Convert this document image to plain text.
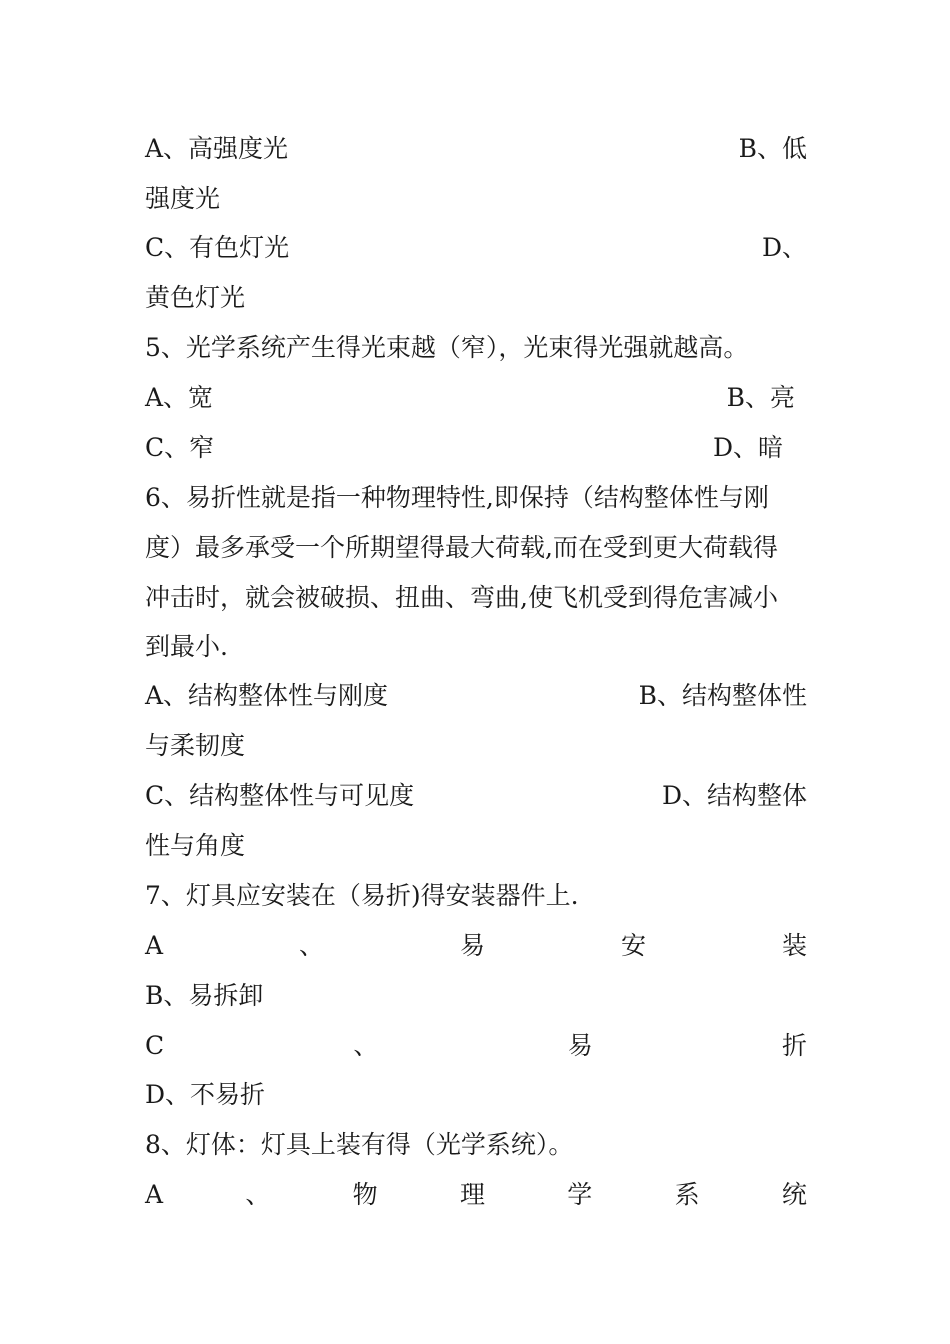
A、高强度光	B、低
强度光
C、有色灯光	D、
黄色灯光
5、光学系统产生得光束越（窄），光束得光强就越高。
A、宽	B、亮
C、窄	D、暗
6、易折性就是指一种物理特性,即保持（结构整体性与刚
度）最多承受一个所期望得最大荷载,而在受到更大荷载得
冲击时，就会被破损、扭曲、弯曲,使飞机受到得危害减小
到最小.
A、结构整体性与刚度	B、结构整体性
与柔韧度
C、结构整体性与可见度	D、结构整体
性与角度
7、灯具应安装在（易折)得安装器件上.
A	、	易	安	装
B、易拆卸
C	、	易	折
D、不易折
8、灯体：灯具上装有得（光学系统）。
A	、	物	理	学	系	统
